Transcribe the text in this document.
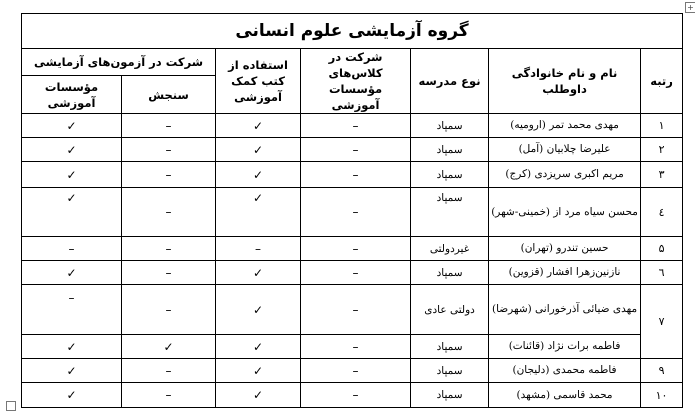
+
گروه آزمایشی علوم انسانی						
رتبه	نام و نام خانوادگی داوطلب	نوع مدرسه	شرکت در کلاس‌های مؤسسات آموزشی	استفاده از کتب کمک آموزشی	شرکت در آزمون‌های آزمایشی	
					سنجش	مؤسسات آموزشی
۱	مهدی محمد تمر (ارومیه)	سمپاد	–	✓	–	✓
۲	علیرضا چلابیان (آمل)	سمپاد	–	✓	–	✓
۳	مریم اکبری سریزدی (کرج)	سمپاد	–	✓	–	✓
٤	محسن سیاه مرد از (خمینی-شهر)	سمپاد	–	✓	–	✓
۵	حسین تندرو (تهران)	غیردولتی	–	–	–	–
٦	نازنین‌زهرا افشار (قزوین)	سمپاد	–	✓	–	✓
۷	مهدی ضیائی آذرخورانی (شهرضا)	دولتی عادی	–	✓	–	–
	فاطمه برات نژاد (قائنات)	سمپاد	–	✓	✓	✓
۹	فاطمه محمدی (دلیجان)	سمپاد	–	✓	–	✓
۱۰	محمد قاسمی (مشهد)	سمپاد	–	✓	–	✓
